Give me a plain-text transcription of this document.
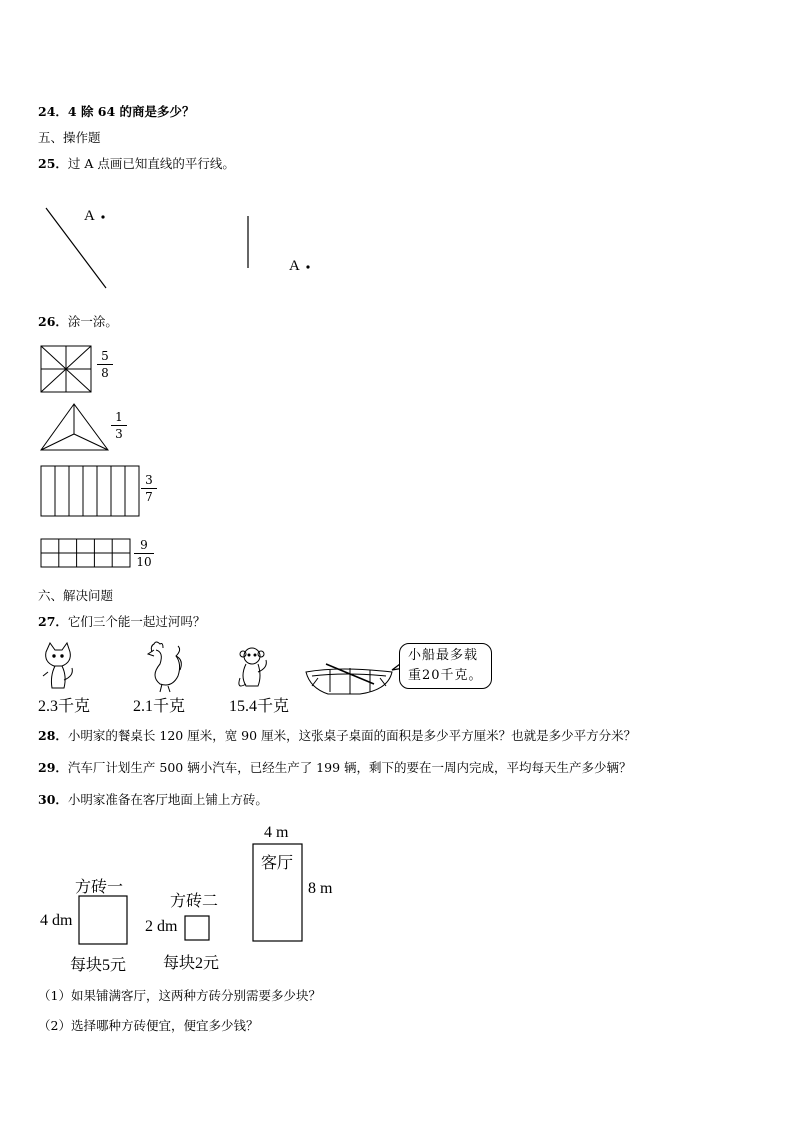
24．4 除 64 的商是多少？
五、操作题
25．过 A 点画已知直线的平行线。
A
A
26．涂一涂。
$\frac{5}{8}$
$\frac{1}{3}$
$\frac{3}{7}$
$\frac{9}{10}$
六、解决问题
27．它们三个能一起过河吗？
小船最多载
重20千克。
2.3千克	2.1千克	15.4千克
28．小明家的餐桌长 120 厘米，宽 90 厘米，这张桌子桌面的面积是多少平方厘米？也就是多少平方分米？
29．汽车厂计划生产 500 辆小汽车，已经生产了 199 辆，剩下的要在一周内完成，平均每天生产多少辆？
30．小明家准备在客厅地面上铺上方砖。
方砖一
4 dm
每块5元
方砖二
2 dm
每块2元
4 m
客厅
8 m
（1）如果铺满客厅，这两种方砖分别需要多少块？
（2）选择哪种方砖便宜，便宜多少钱？
